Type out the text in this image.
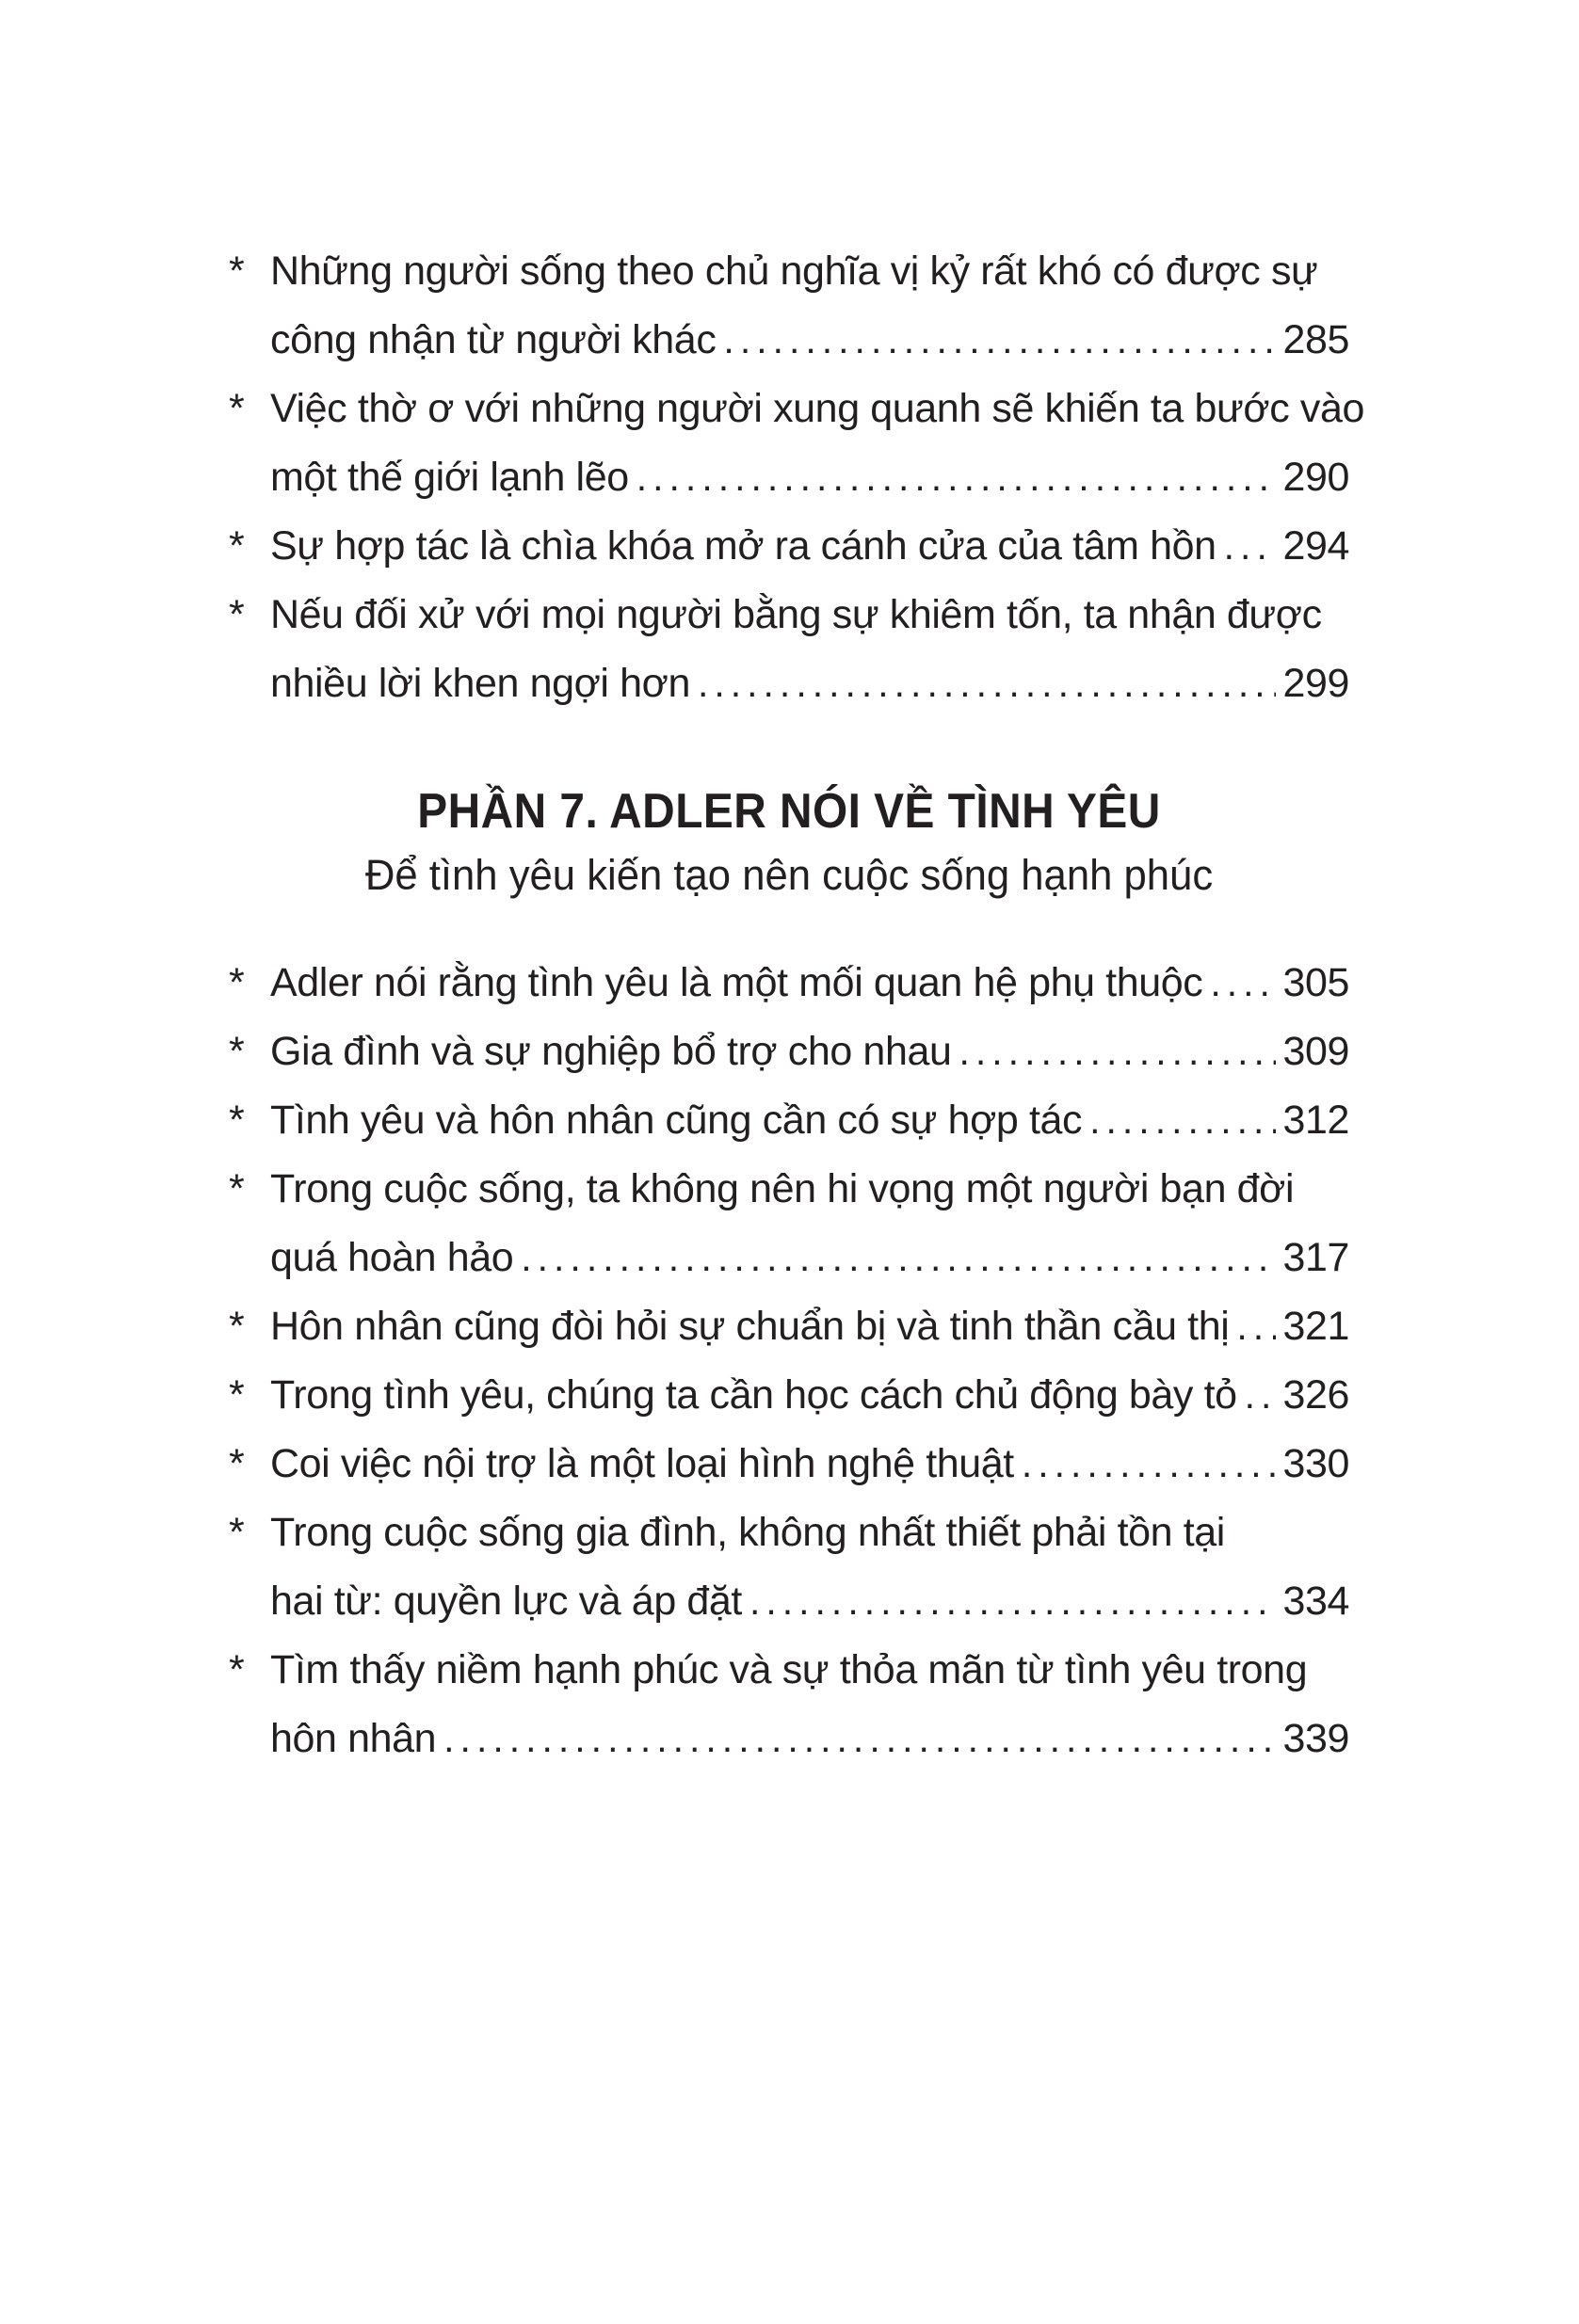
* Những người sống theo chủ nghĩa vị kỷ rất khó có được sự
công nhận từ người khác .....	285
* Việc thờ ơ với những người xung quanh sẽ khiến ta bước vào
một thế giới lạnh lẽo .....	290
* Sự hợp tác là chìa khóa mở ra cánh cửa của tâm hồn ..... 294
* Nếu đối xử với mọi người bằng sự khiêm tốn, ta nhận được
nhiều lời khen ngợi hơn .....	299
PHẦN 7. ADLER NÓI VỀ TÌNH YÊU
Để tình yêu kiến tạo nên cuộc sống hạnh phúc
* Adler nói rằng tình yêu là một mối quan hệ phụ thuộc ..... 305
* Gia đình và sự nghiệp bổ trợ cho nhau .....	309
* Tình yêu và hôn nhân cũng cần có sự hợp tác .....	312
* Trong cuộc sống, ta không nên hi vọng một người bạn đời
quá hoàn hảo .....	317
* Hôn nhân cũng đòi hỏi sự chuẩn bị và tinh thần cầu thị ..... 321
* Trong tình yêu, chúng ta cần học cách chủ động bày tỏ ..... 326
* Coi việc nội trợ là một loại hình nghệ thuật .....	330
* Trong cuộc sống gia đình, không nhất thiết phải tồn tại
hai từ: quyền lực và áp đặt .....	334
* Tìm thấy niềm hạnh phúc và sự thỏa mãn từ tình yêu trong
hôn nhân .....	339
